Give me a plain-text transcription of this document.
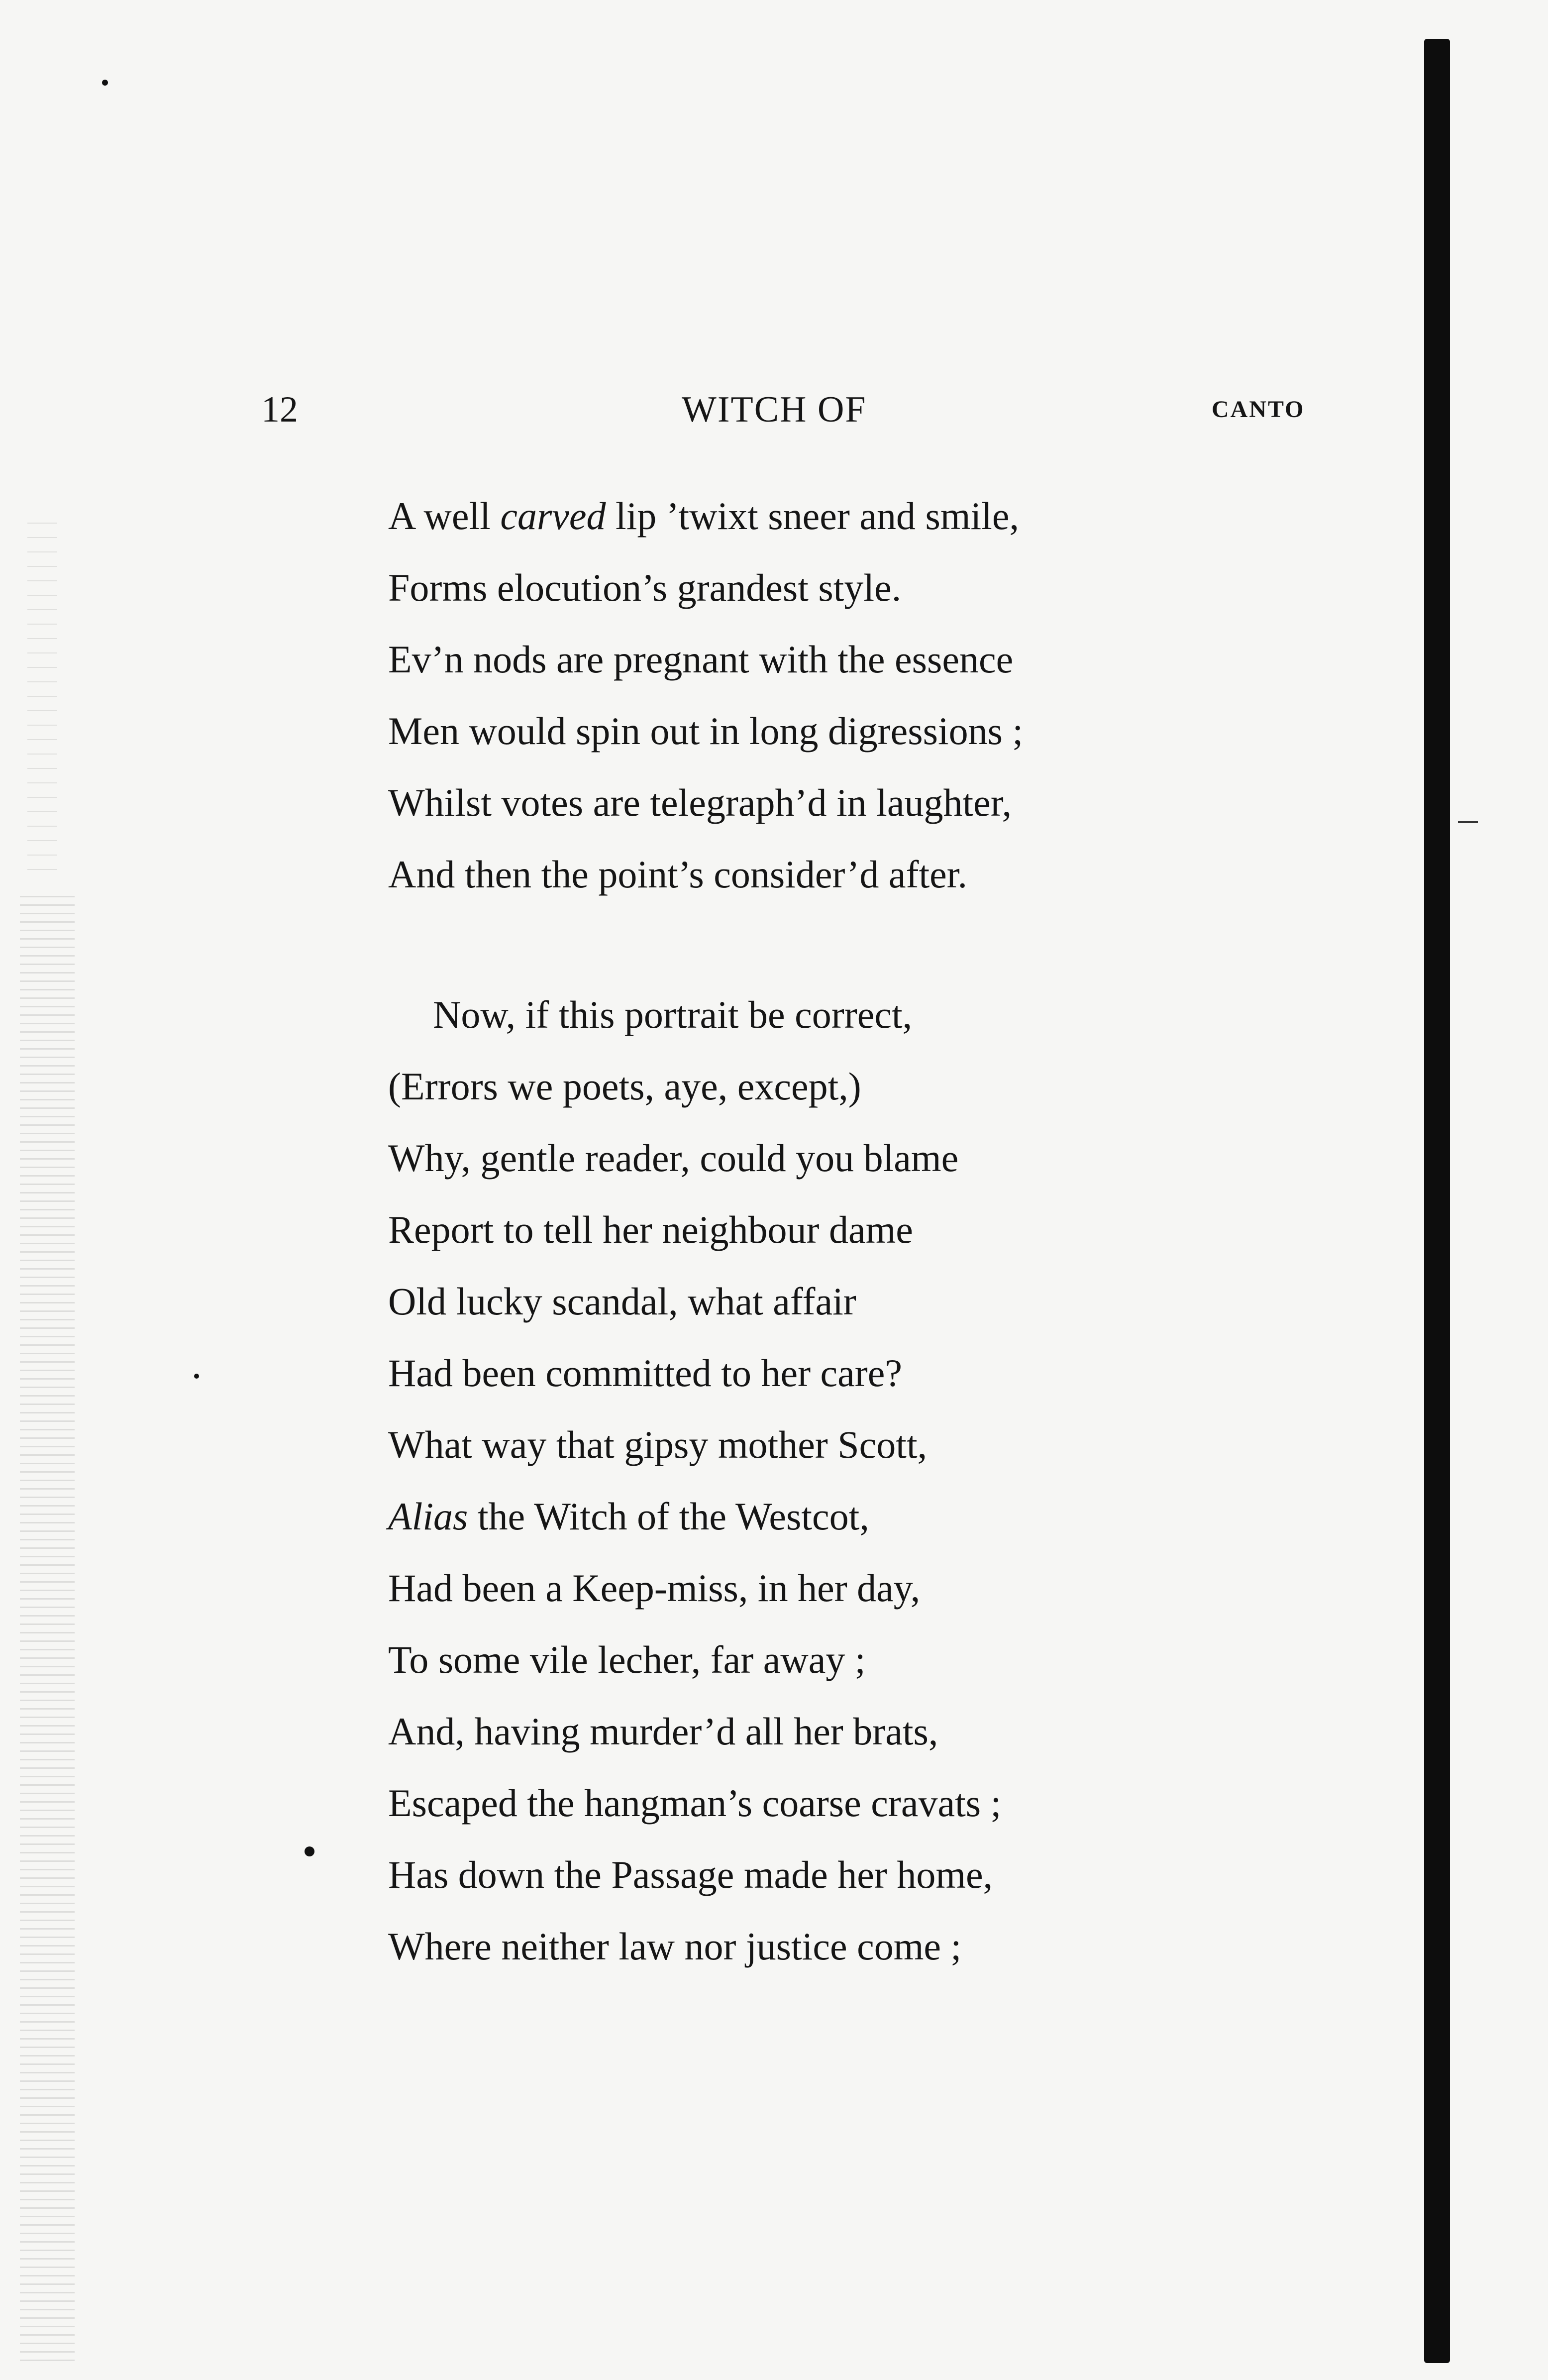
12	WITCH OF	CANTO
A well carved lip ’twixt sneer and smile,
Forms elocution’s grandest style.
Ev’n nods are pregnant with the essence
Men would spin out in long digressions ;
Whilst votes are telegraph’d in laughter,
And then the point’s consider’d after.
Now, if this portrait be correct,
(Errors we poets, aye, except,)
Why, gentle reader, could you blame
Report to tell her neighbour dame
Old lucky scandal, what affair
Had been committed to her care?
What way that gipsy mother Scott,
Alias the Witch of the Westcot,
Had been a Keep-miss, in her day,
To some vile lecher, far away ;
And, having murder’d all her brats,
Escaped the hangman’s coarse cravats ;
Has down the Passage made her home,
Where neither law nor justice come ;
